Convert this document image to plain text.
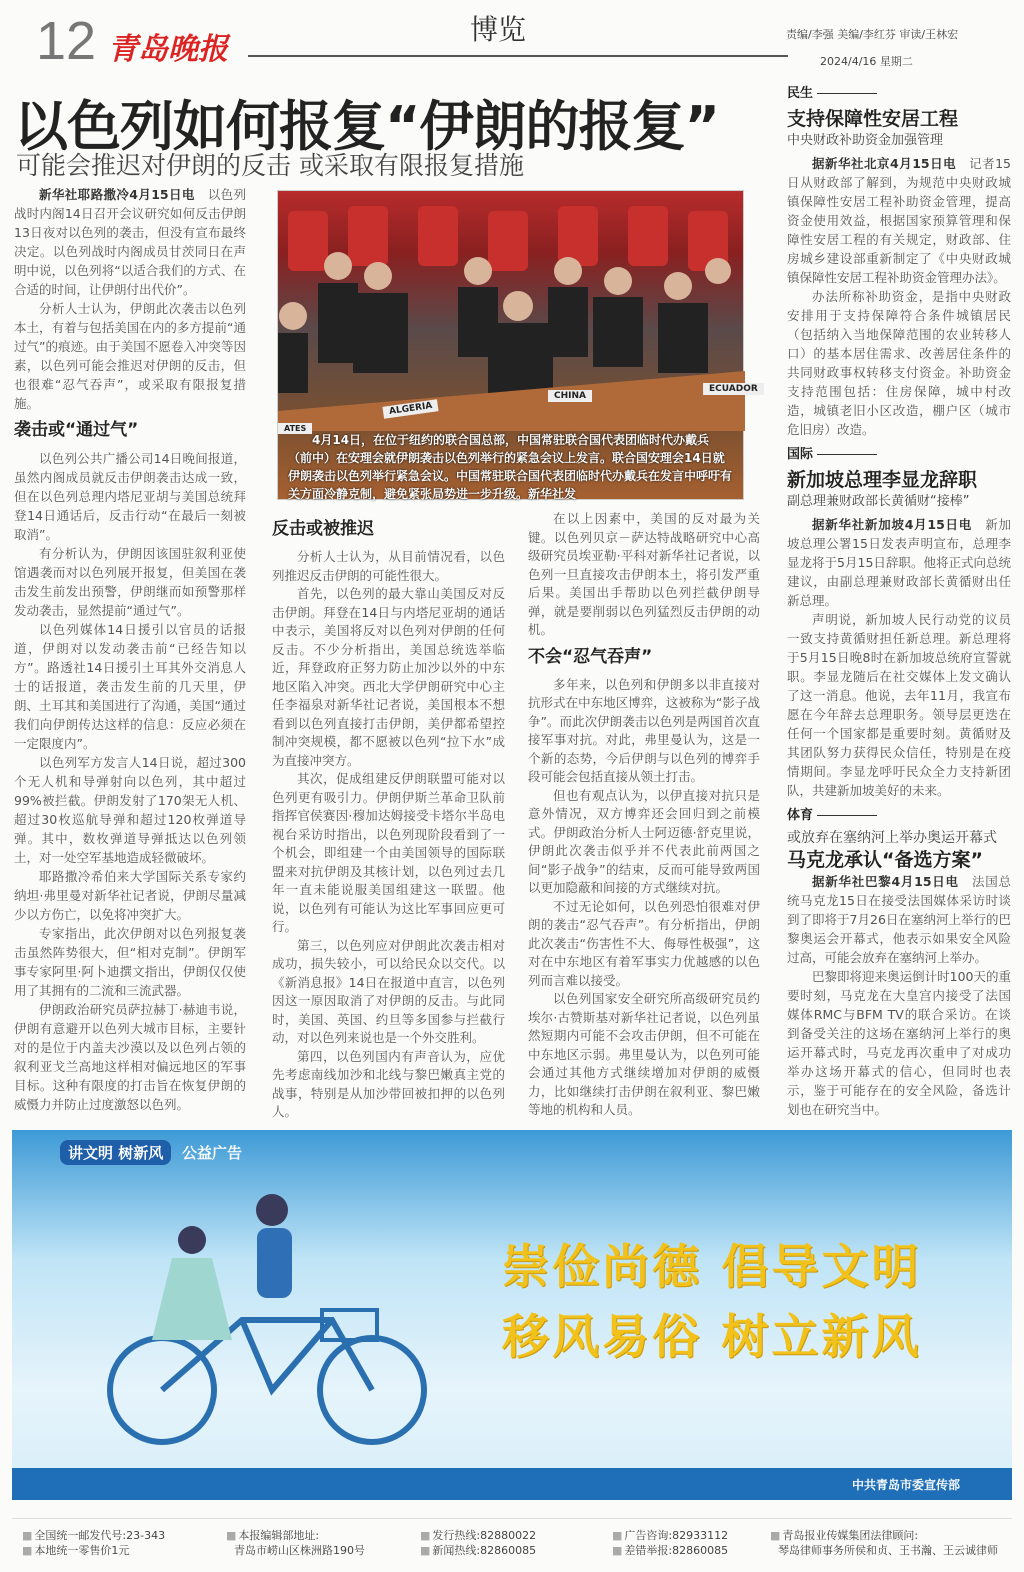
12 青岛晚报
博览	责编/李强 美编/李红芬 审读/王林宏
2024/4/16 星期二
以色列如何报复“伊朗的报复”
可能会推迟对伊朗的反击 或采取有限报复措施

新华社耶路撒冷4月15日电　 以色列战时内阁14日召开会议研究如何反击伊朗13日夜对以色列的袭击，但没有宣布最终决定。以色列战时内阁成员甘茨同日在声明中说，以色列将“以适合我们的方式、在合适的时间，让伊朗付出代价”。

分析人士认为，伊朗此次袭击以色列本土，有着与包括美国在内的多方提前“通过气”的痕迹。由于美国不愿卷入冲突等因素，以色列可能会推迟对伊朗的反击，但也很难“忍气吞声”，或采取有限报复措施。

袭击或“通过气”

以色列公共广播公司14日晚间报道，虽然内阁成员就反击伊朗袭击达成一致，但在以色列总理内塔尼亚胡与美国总统拜登14日通话后，反击行动“在最后一刻被取消”。

有分析认为，伊朗因该国驻叙利亚使馆遇袭而对以色列展开报复，但美国在袭击发生前发出预警，伊朗继而如预警那样发动袭击，显然提前“通过气”。

以色列媒体14日援引以官员的话报道，伊朗对以发动袭击前“已经告知以方”。路透社14日援引土耳其外交消息人士的话报道，袭击发生前的几天里，伊朗、土耳其和美国进行了沟通，美国“通过我们向伊朗传达这样的信息：反应必须在一定限度内”。

以色列军方发言人14日说，超过300个无人机和导弹射向以色列，其中超过99%被拦截。伊朗发射了170架无人机、超过30枚巡航导弹和超过120枚弹道导弹。其中，数枚弹道导弹抵达以色列领土，对一处空军基地造成轻微破坏。

耶路撒冷希伯来大学国际关系专家约纳坦·弗里曼对新华社记者说，伊朗尽量减少以方伤亡，以免将冲突扩大。

专家指出，此次伊朗对以色列报复袭击虽然阵势很大，但“相对克制”。伊朗军事专家阿里·阿卜迪撰文指出，伊朗仅仅使用了其拥有的二流和三流武器。

伊朗政治研究员萨拉赫丁·赫迪韦说，伊朗有意避开以色列大城市目标，主要针对的是位于内盖夫沙漠以及以色列占领的叙利亚戈兰高地这样相对偏远地区的军事目标。这种有限度的打击旨在恢复伊朗的威慑力并防止过度激怒以色列。

ALGERIA
CHINA
ECUADOR
ATES
4月14日，在位于纽约的联合国总部，中国常驻联合国代表团临时代办戴兵（前中）在安理会就伊朗袭击以色列举行的紧急会议上发言。联合国安理会14日就伊朗袭击以色列举行紧急会议。中国常驻联合国代表团临时代办戴兵在发言中呼吁有关方面冷静克制，避免紧张局势进一步升级。新华社发
反击或被推迟

分析人士认为，从目前情况看，以色列推迟反击伊朗的可能性很大。

首先，以色列的最大靠山美国反对反击伊朗。拜登在14日与内塔尼亚胡的通话中表示，美国将反对以色列对伊朗的任何反击。不少分析指出，美国总统选举临近，拜登政府正努力防止加沙以外的中东地区陷入冲突。西北大学伊朗研究中心主任李福泉对新华社记者说，美国根本不想看到以色列直接打击伊朗，美伊都希望控制冲突规模，都不愿被以色列“拉下水”成为直接冲突方。

其次，促成组建反伊朗联盟可能对以色列更有吸引力。伊朗伊斯兰革命卫队前指挥官侯赛因·穆加达姆接受卡塔尔半岛电视台采访时指出，以色列现阶段看到了一个机会，即组建一个由美国领导的国际联盟来对抗伊朗及其核计划，以色列过去几年一直未能说服美国组建这一联盟。他说，以色列有可能认为这比军事回应更可行。

第三，以色列应对伊朗此次袭击相对成功，损失较小，可以给民众以交代。以《新消息报》14日在报道中直言，以色列因这一原因取消了对伊朗的反击。与此同时，美国、英国、约旦等多国参与拦截行动，对以色列来说也是一个外交胜利。

第四，以色列国内有声音认为，应优先考虑南线加沙和北线与黎巴嫩真主党的战事，特别是从加沙带回被扣押的以色列人。

在以上因素中，美国的反对最为关键。以色列贝京－萨达特战略研究中心高级研究员埃亚勒·平科对新华社记者说，以色列一旦直接攻击伊朗本土，将引发严重后果。美国出手帮助以色列拦截伊朗导弹，就是要削弱以色列猛烈反击伊朗的动机。

不会“忍气吞声”

多年来，以色列和伊朗多以非直接对抗形式在中东地区博弈，这被称为“影子战争”。而此次伊朗袭击以色列是两国首次直接军事对抗。对此，弗里曼认为，这是一个新的态势，今后伊朗与以色列的博弈手段可能会包括直接从领土打击。

但也有观点认为，以伊直接对抗只是意外情况，双方博弈还会回归到之前模式。伊朗政治分析人士阿迈德·舒克里说，伊朗此次袭击似乎并不代表此前两国之间“影子战争”的结束，反而可能导致两国以更加隐蔽和间接的方式继续对抗。

不过无论如何，以色列恐怕很难对伊朗的袭击“忍气吞声”。有分析指出，伊朗此次袭击“伤害性不大、侮辱性极强”，这对在中东地区有着军事实力优越感的以色列而言难以接受。

以色列国家安全研究所高级研究员约埃尔·古赞斯基对新华社记者说，以色列虽然短期内可能不会攻击伊朗，但不可能在中东地区示弱。弗里曼认为，以色列可能会通过其他方式继续增加对伊朗的威慑力，比如继续打击伊朗在叙利亚、黎巴嫩等地的机构和人员。

民生
支持保障性安居工程
中央财政补助资金加强管理

据新华社北京4月15日电　 记者15日从财政部了解到，为规范中央财政城镇保障性安居工程补助资金管理，提高资金使用效益，根据国家预算管理和保障性安居工程的有关规定，财政部、住房城乡建设部重新制定了《中央财政城镇保障性安居工程补助资金管理办法》。

办法所称补助资金，是指中央财政安排用于支持保障符合条件城镇居民（包括纳入当地保障范围的农业转移人口）的基本居住需求、改善居住条件的共同财政事权转移支付资金。补助资金支持范围包括：住房保障，城中村改造，城镇老旧小区改造，棚户区（城市危旧房）改造。

国际
新加坡总理李显龙辞职
副总理兼财政部长黄循财“接棒”

据新华社新加坡4月15日电　 新加坡总理公署15日发表声明宣布，总理李显龙将于5月15日辞职。他将正式向总统建议，由副总理兼财政部长黄循财出任新总理。

声明说，新加坡人民行动党的议员一致支持黄循财担任新总理。新总理将于5月15日晚8时在新加坡总统府宣誓就职。李显龙随后在社交媒体上发文确认了这一消息。他说，去年11月，我宣布愿在今年辞去总理职务。领导层更迭在任何一个国家都是重要时刻。黄循财及其团队努力获得民众信任，特别是在疫情期间。李显龙呼吁民众全力支持新团队，共建新加坡美好的未来。

体育
或放弃在塞纳河上举办奥运开幕式
马克龙承认“备选方案”

据新华社巴黎4月15日电　 法国总统马克龙15日在接受法国媒体采访时谈到了即将于7月26日在塞纳河上举行的巴黎奥运会开幕式，他表示如果安全风险过高，可能会放弃在塞纳河上举办。

巴黎即将迎来奥运倒计时100天的重要时刻，马克龙在大皇宫内接受了法国媒体RMC与BFM TV的联合采访。在谈到备受关注的这场在塞纳河上举行的奥运开幕式时，马克龙再次重申了对成功举办这场开幕式的信心，但同时也表示，鉴于可能存在的安全风险，备选计划也在研究当中。

讲文明 树新风	公益广告
崇俭尚德 倡导文明
移风易俗 树立新风
中共青岛市委宣传部
■ 全国统一邮发代号:23-343
■ 本地统一零售价1元
■ 本报编辑部地址:
青岛市崂山区株洲路190号
■ 发行热线:82880022
■ 新闻热线:82860085
■ 广告咨询:82933112
■ 差错举报:82860085
■ 青岛报业传媒集团法律顾问:
琴岛律师事务所侯和贞、王书瀚、王云诚律师
